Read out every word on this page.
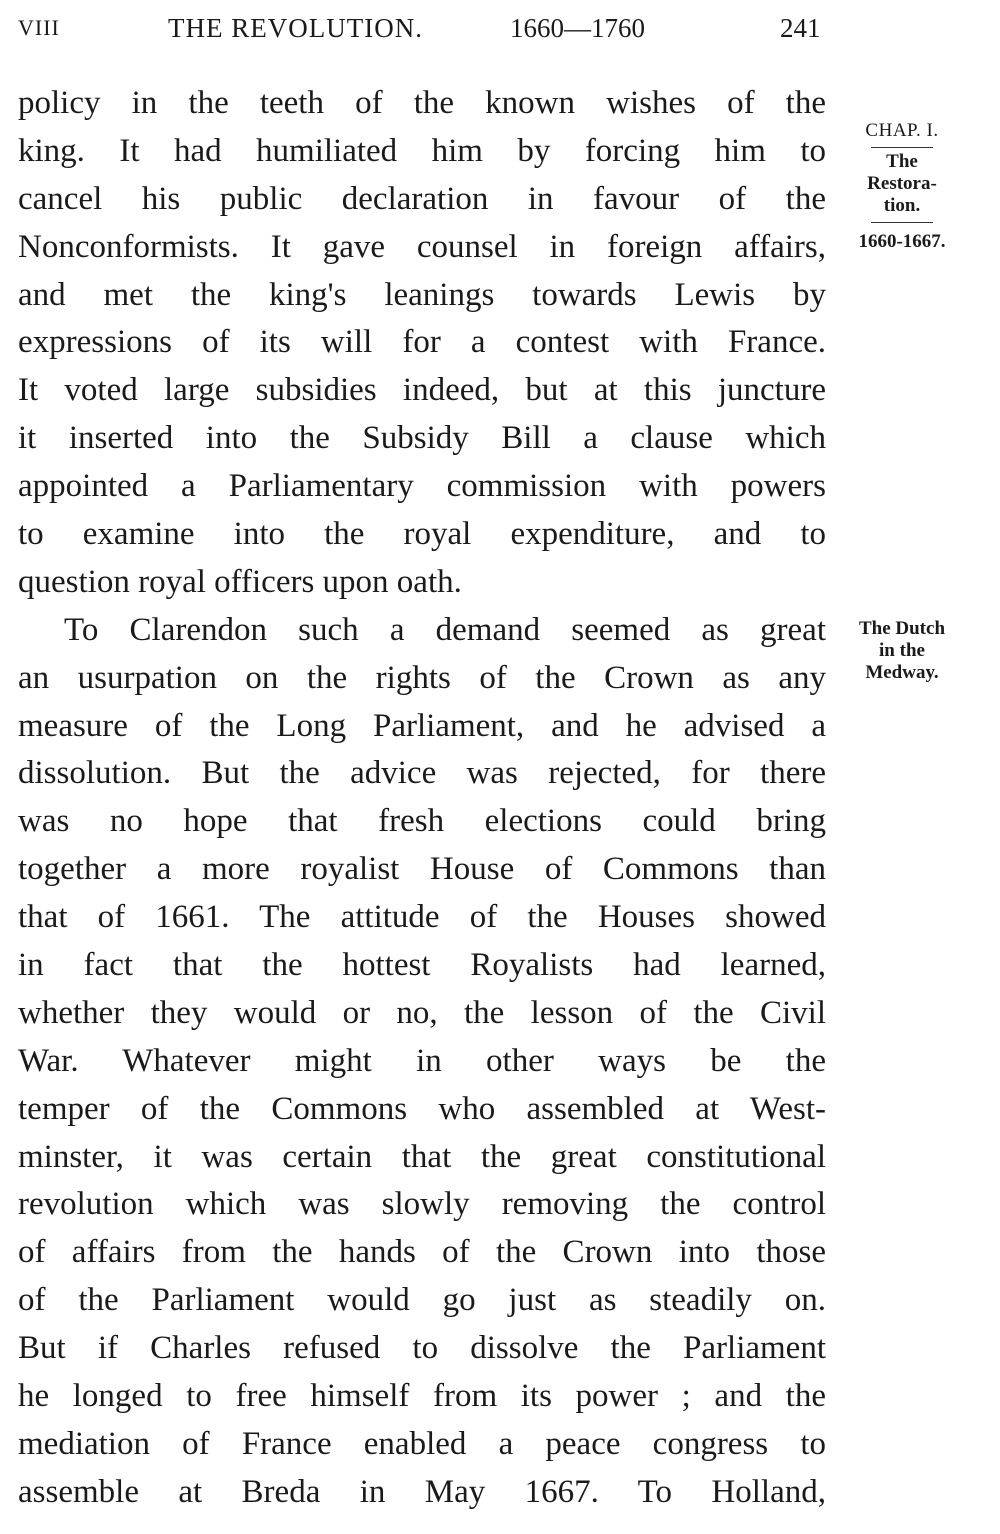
VIII	THE REVOLUTION.	1660—1760	241
policy in the teeth of the known wishes of the
king. It had humiliated him by forcing him to
cancel his public declaration in favour of the
Nonconformists. It gave counsel in foreign affairs,
and met the king's leanings towards Lewis by
expressions of its will for a contest with France.
It voted large subsidies indeed, but at this juncture
it inserted into the Subsidy Bill a clause which
appointed a Parliamentary commission with powers
to examine into the royal expenditure, and to
question royal officers upon oath.
To Clarendon such a demand seemed as great
an usurpation on the rights of the Crown as any
measure of the Long Parliament, and he advised a
dissolution. But the advice was rejected, for there
was no hope that fresh elections could bring
together a more royalist House of Commons than
that of 1661. The attitude of the Houses showed
in fact that the hottest Royalists had learned,
whether they would or no, the lesson of the Civil
War. Whatever might in other ways be the
temper of the Commons who assembled at West-
minster, it was certain that the great constitutional
revolution which was slowly removing the control
of affairs from the hands of the Crown into those
of the Parliament would go just as steadily on.
But if Charles refused to dissolve the Parliament
he longed to free himself from its power ; and the
mediation of France enabled a peace congress to
assemble at Breda in May 1667. To Holland,
CHAP. I.
The
Restora-
tion.
1660-1667.
The Dutch
in the
Medway.
